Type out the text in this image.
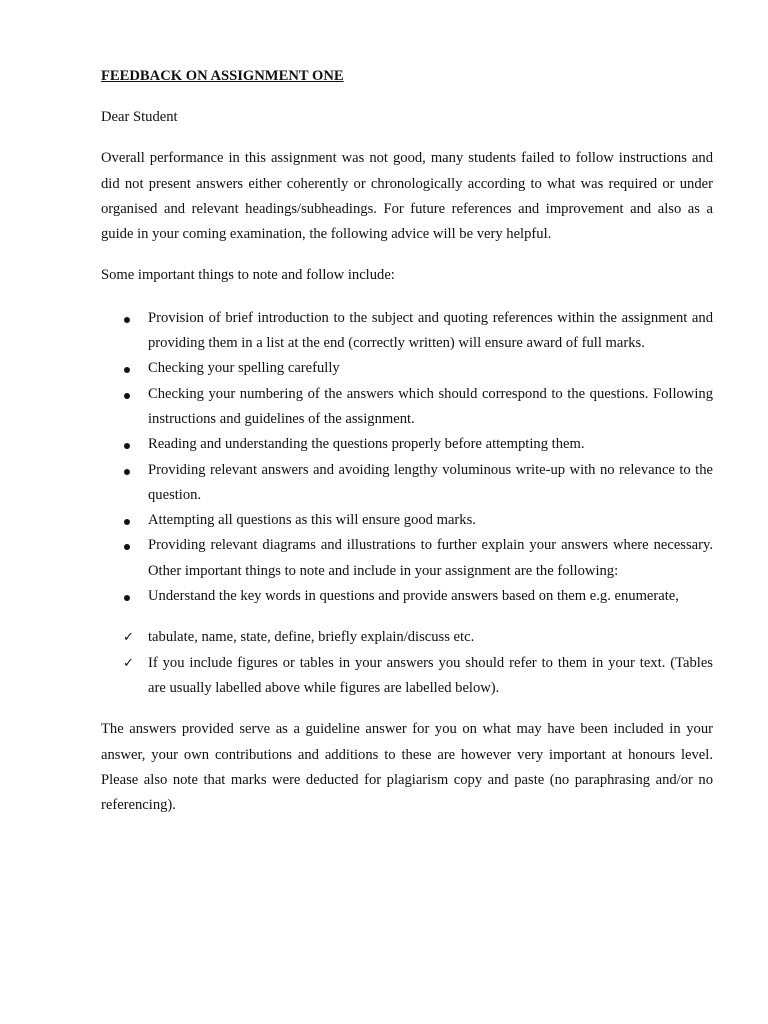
FEEDBACK ON ASSIGNMENT ONE
Dear Student
Overall performance in this assignment was not good, many students failed to follow instructions and did not present answers either coherently or chronologically according to what was required or under organised and relevant headings/subheadings. For future references and improvement and also as a guide in your coming examination, the following advice will be very helpful.
Some important things to note and follow include:
Provision of brief introduction to the subject and quoting references within the assignment and providing them in a list at the end (correctly written) will ensure award of full marks.
Checking your spelling carefully
Checking your numbering of the answers which should correspond to the questions. Following instructions and guidelines of the assignment.
Reading and understanding the questions properly before attempting them.
Providing relevant answers and avoiding lengthy voluminous write-up with no relevance to the question.
Attempting all questions as this will ensure good marks.
Providing relevant diagrams and illustrations to further explain your answers where necessary. Other important things to note and include in your assignment are the following:
Understand the key words in questions and provide answers based on them e.g. enumerate,
✓ tabulate, name, state, define, briefly explain/discuss etc.
✓ If you include figures or tables in your answers you should refer to them in your text. (Tables are usually labelled above while figures are labelled below).
The answers provided serve as a guideline answer for you on what may have been included in your answer, your own contributions and additions to these are however very important at honours level. Please also note that marks were deducted for plagiarism copy and paste (no paraphrasing and/or no referencing).
